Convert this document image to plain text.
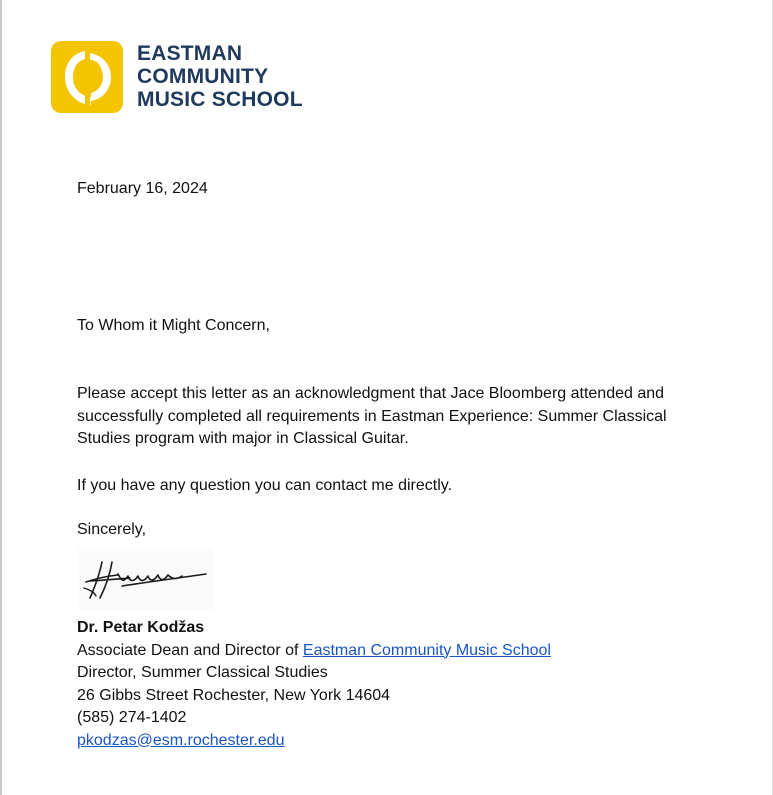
EASTMAN
COMMUNITY
MUSIC SCHOOL
February 16, 2024
To Whom it Might Concern,
Please accept this letter as an acknowledgment that Jace Bloomberg attended and
successfully completed all requirements in Eastman Experience: Summer Classical
Studies program with major in Classical Guitar.
If you have any question you can contact me directly.
Sincerely,
Dr. Petar Kodžas
Associate Dean and Director of Eastman Community Music School
Director, Summer Classical Studies
26 Gibbs Street Rochester, New York 14604
(585) 274-1402
pkodzas@esm.rochester.edu
